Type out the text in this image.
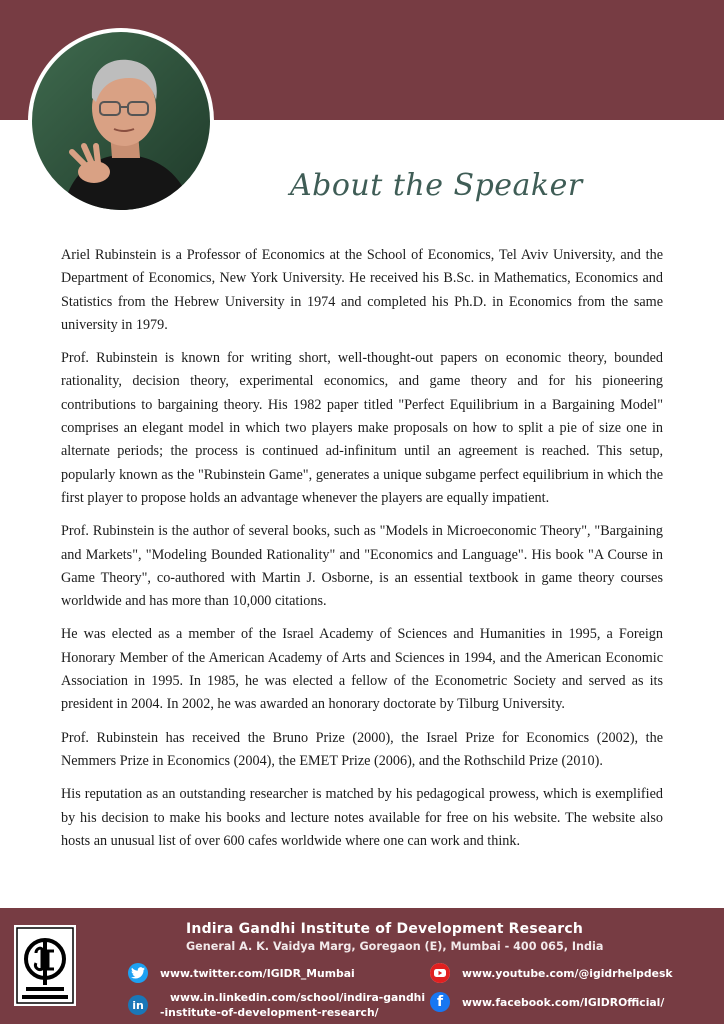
About the Speaker

Ariel Rubinstein is a Professor of Economics at the School of Economics, Tel Aviv University, and the Department of Economics, New York University. He received his B.Sc. in Mathematics, Economics and Statistics from the Hebrew University in 1974 and completed his Ph.D. in Economics from the same university in 1979.

Prof. Rubinstein is known for writing short, well-thought-out papers on economic theory, bounded rationality, decision theory, experimental economics, and game theory and for his pioneering contributions to bargaining theory. His 1982 paper titled "Perfect Equilibrium in a Bargaining Model" comprises an elegant model in which two players make proposals on how to split a pie of size one in alternate periods; the process is continued ad-infinitum until an agreement is reached. This setup, popularly known as the "Rubinstein Game", generates a unique subgame perfect equilibrium in which the first player to propose holds an advantage whenever the players are equally impatient.

Prof. Rubinstein is the author of several books, such as "Models in Microeconomic Theory", "Bargaining and Markets", "Modeling Bounded Rationality" and "Economics and Language". His book "A Course in Game Theory", co-authored with Martin J. Osborne, is an essential textbook in game theory courses worldwide and has more than 10,000 citations.

He was elected as a member of the Israel Academy of Sciences and Humanities in 1995, a Foreign Honorary Member of the American Academy of Arts and Sciences in 1994, and the American Economic Association in 1995. In 1985, he was elected a fellow of the Econometric Society and served as its president in 2004. In 2002, he was awarded an honorary doctorate by Tilburg University.

Prof. Rubinstein has received the Bruno Prize (2000), the Israel Prize for Economics (2002), the Nemmers Prize in Economics (2004), the EMET Prize (2006), and the Rothschild Prize (2010).

His reputation as an outstanding researcher is matched by his pedagogical prowess, which is exemplified by his decision to make his books and lecture notes available for free on his website. The website also hosts an unusual list of over 600 cafes worldwide where one can work and think.

Indira Gandhi Institute of Development Research
General A. K. Vaidya Marg, Goregaon (E), Mumbai - 400 065, India
www.twitter.com/IGIDR_Mumbai	www.youtube.com/@igidrhelpdesk
in
www.in.linkedin.com/school/indira-gandhi
-institute-of-development-research/
f	www.facebook.com/IGIDROfficial/
